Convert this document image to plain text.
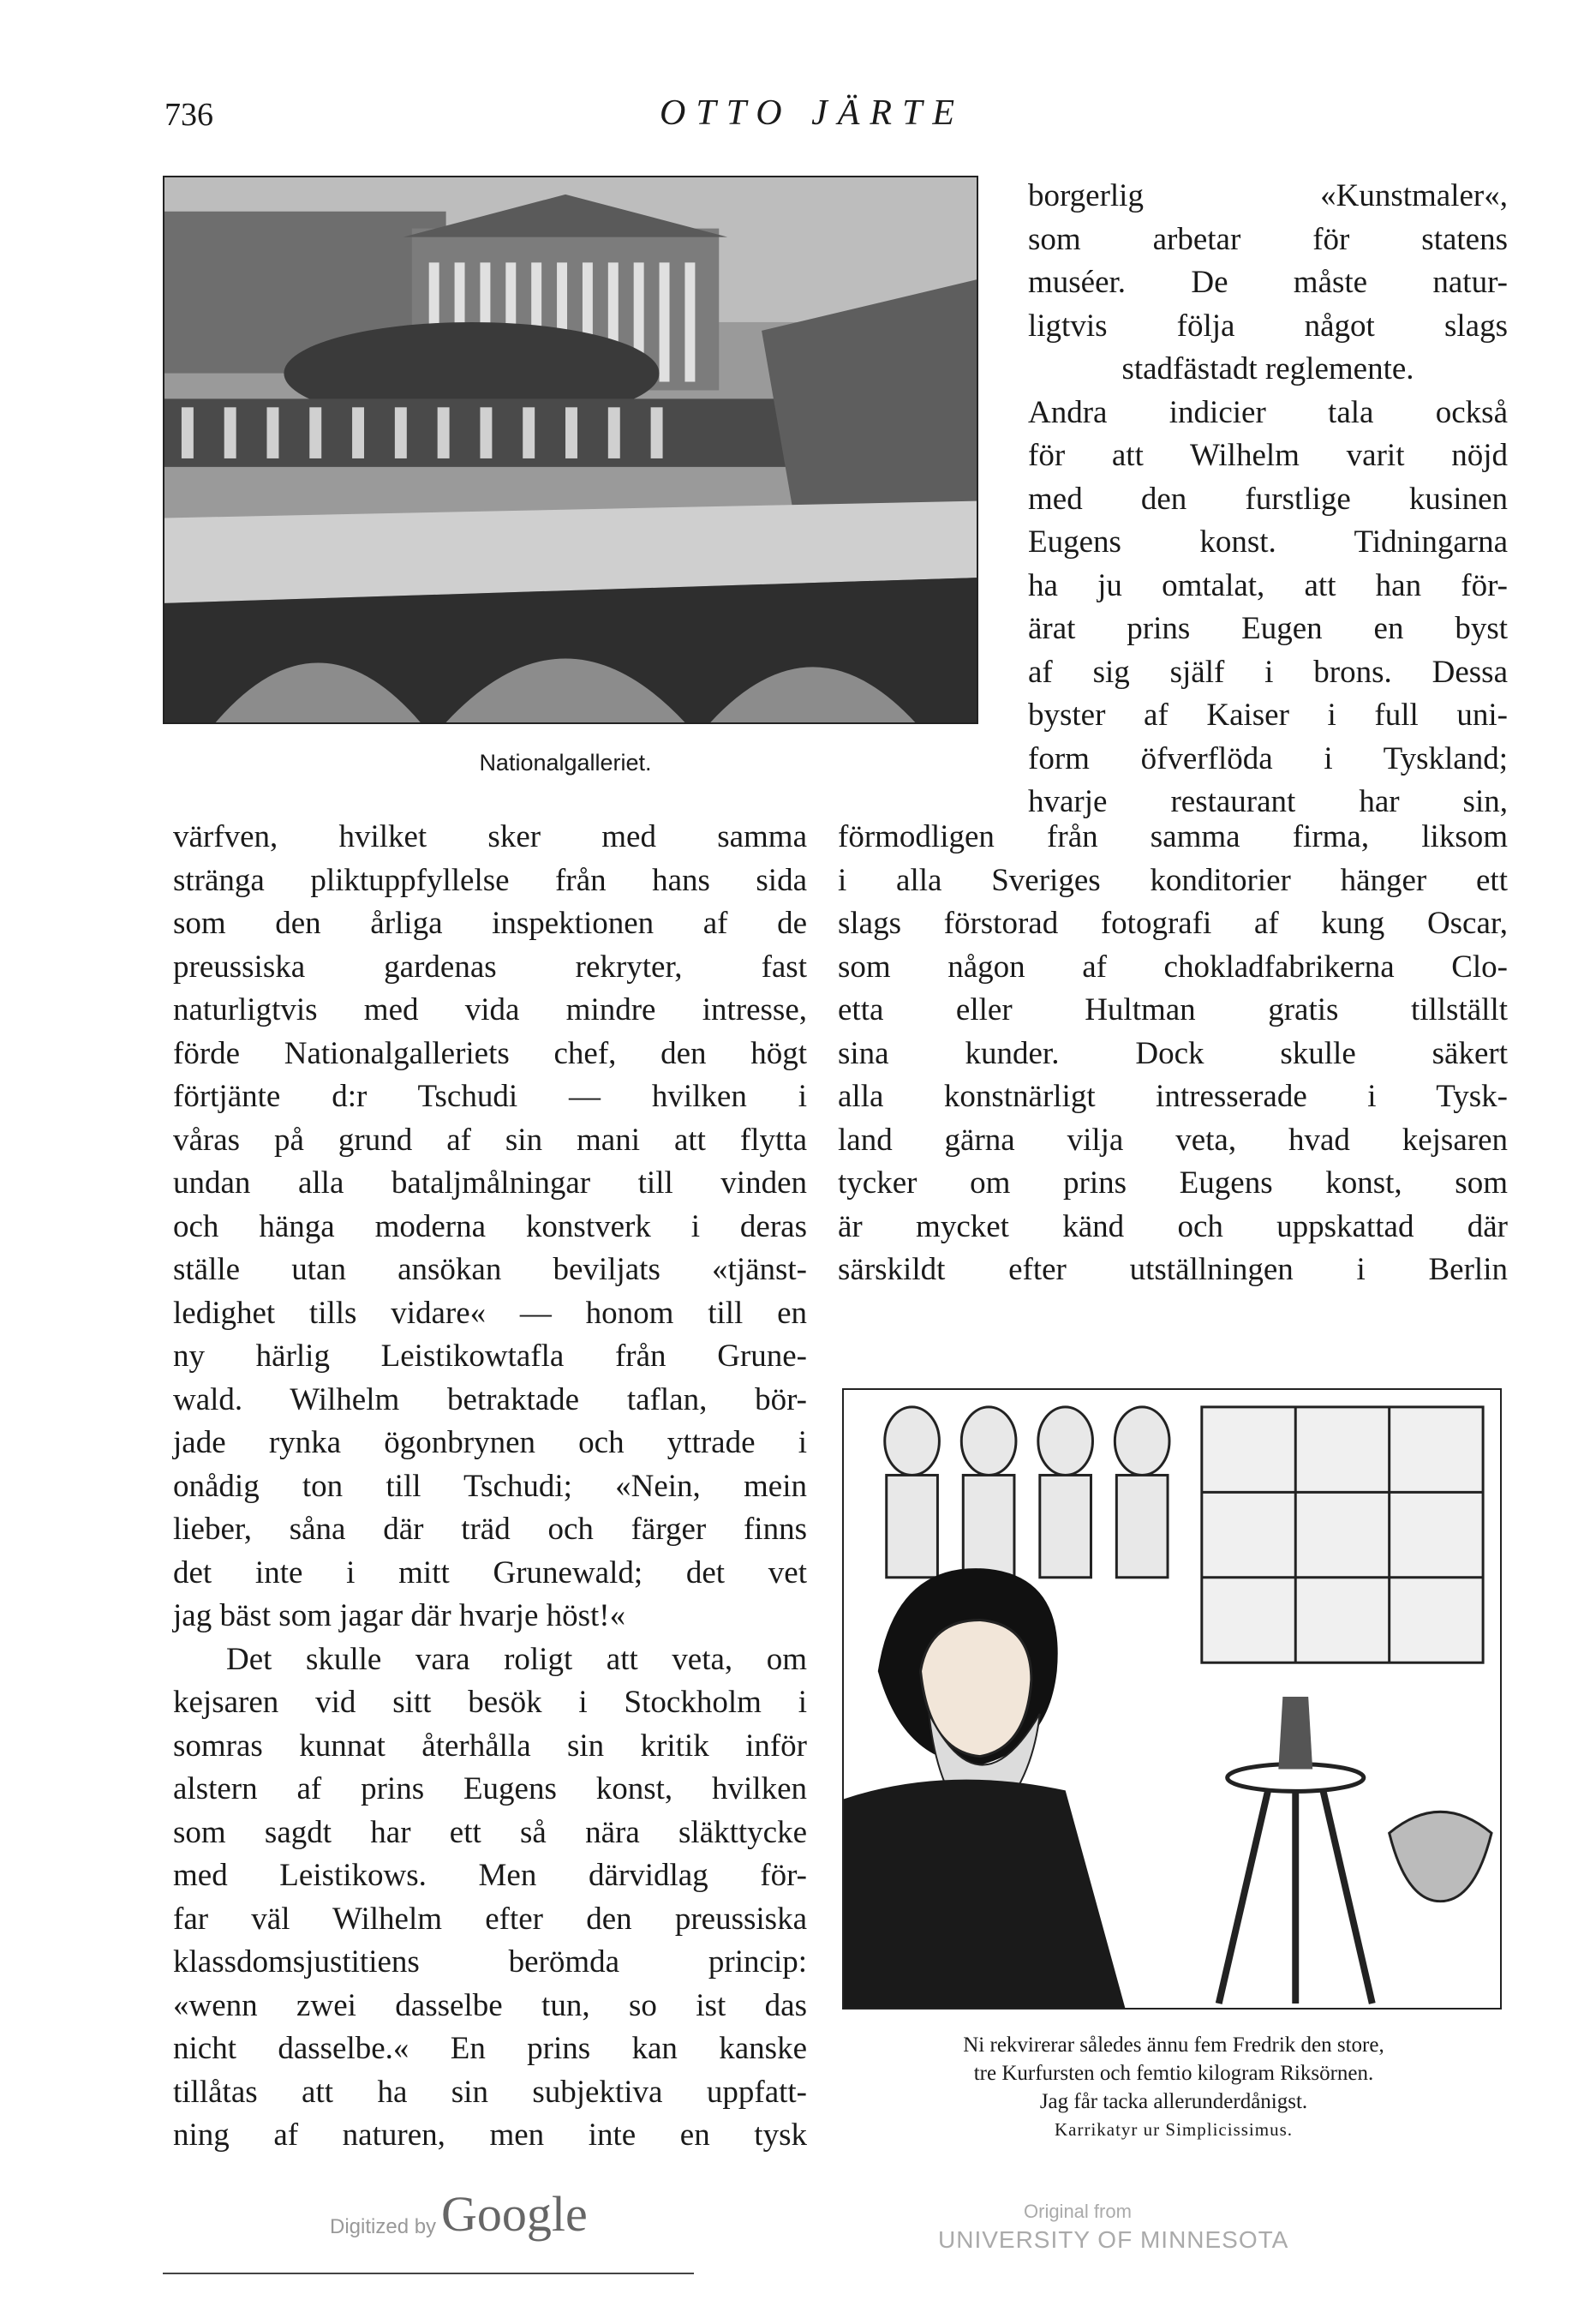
736	OTTO JÄRTE
Nationalgalleriet.

borgerlig «Kunstmaler«,
som arbetar för statens
muséer. De måste natur-
ligtvis följa något slags
stadfästadt reglemente.
Andra indicier tala också
för att Wilhelm varit nöjd
med den furstlige kusinen
Eugens konst. Tidningarna
ha ju omtalat, att han för-
ärat prins Eugen en byst
af sig själf i brons. Dessa
byster af Kaiser i full uni-
form öfverflöda i Tyskland;
hvarje restaurant har sin,

förmodligen från samma firma, liksom
i alla Sveriges konditorier hänger ett
slags förstorad fotografi af kung Oscar,
som någon af chokladfabrikerna Clo-
etta eller Hultman gratis tillställt
sina kunder. Dock skulle säkert
alla konstnärligt intresserade i Tysk-
land gärna vilja veta, hvad kejsaren
tycker om prins Eugens konst, som
är mycket känd och uppskattad där
särskildt efter utställningen i Berlin

värfven, hvilket sker med samma
stränga pliktuppfyllelse från hans sida
som den årliga inspektionen af de
preussiska gardenas rekryter, fast
naturligtvis med vida mindre intresse,
förde Nationalgalleriets chef, den högt
förtjänte d:r Tschudi — hvilken i
våras på grund af sin mani att flytta
undan alla bataljmålningar till vinden
och hänga moderna konstverk i deras
ställe utan ansökan beviljats «tjänst-
ledighet tills vidare« — honom till en
ny härlig Leistikowtafla från Grune-
wald. Wilhelm betraktade taflan, bör-
jade rynka ögonbrynen och yttrade i
onådig ton till Tschudi; «Nein, mein
lieber, såna där träd och färger finns
det inte i mitt Grunewald; det vet
jag bäst som jagar där hvarje höst!«
Det skulle vara roligt att veta, om
kejsaren vid sitt besök i Stockholm i
somras kunnat återhålla sin kritik inför
alstern af prins Eugens konst, hvilken
som sagdt har ett så nära släkttycke
med Leistikows. Men därvidlag för-
far väl Wilhelm efter den preussiska
klassdomsjustitiens berömda princip:
«wenn zwei dasselbe tun, so ist das
nicht dasselbe.« En prins kan kanske
tillåtas att ha sin subjektiva uppfatt-
ning af naturen, men inte en tysk

Ni rekvirerar således ännu fem Fredrik den store,
tre Kurfursten och femtio kilogram Riksörnen.
Jag får tacka allerunderdånigst.
Karrikatyr ur Simplicissimus.
Digitized by Google	Original from
UNIVERSITY OF MINNESOTA
